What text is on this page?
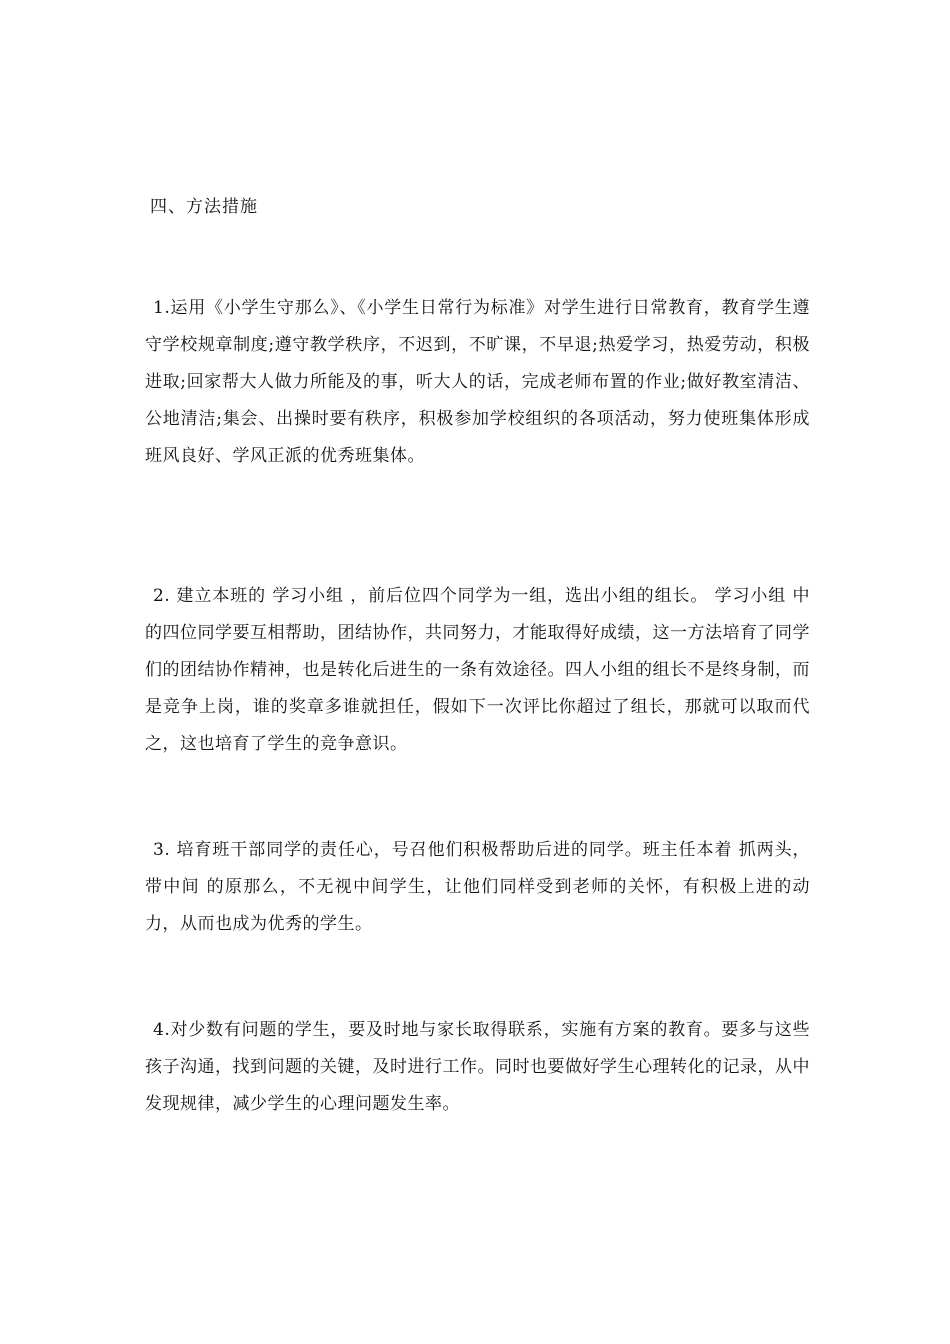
四、方法措施

1.运用《小学生守那么》、《小学生日常行为标准》对学生进行日常教育，教育学生遵守学校规章制度;遵守教学秩序，不迟到，不旷课，不早退;热爱学习，热爱劳动，积极进取;回家帮大人做力所能及的事，听大人的话，完成老师布置的作业;做好教室清洁、公地清洁;集会、出操时要有秩序，积极参加学校组织的各项活动，努力使班集体形成班风良好、学风正派的优秀班集体。

2. 建立本班的 学习小组 ，前后位四个同学为一组，选出小组的组长。 学习小组 中的四位同学要互相帮助，团结协作，共同努力，才能取得好成绩，这一方法培育了同学们的团结协作精神，也是转化后进生的一条有效途径。四人小组的组长不是终身制，而是竞争上岗，谁的奖章多谁就担任，假如下一次评比你超过了组长，那就可以取而代之，这也培育了学生的竞争意识。

3. 培育班干部同学的责任心，号召他们积极帮助后进的同学。班主任本着 抓两头，带中间 的原那么，不无视中间学生，让他们同样受到老师的关怀，有积极上进的动力，从而也成为优秀的学生。

4.对少数有问题的学生，要及时地与家长取得联系，实施有方案的教育。要多与这些孩子沟通，找到问题的关键，及时进行工作。同时也要做好学生心理转化的记录，从中发现规律，减少学生的心理问题发生率。
